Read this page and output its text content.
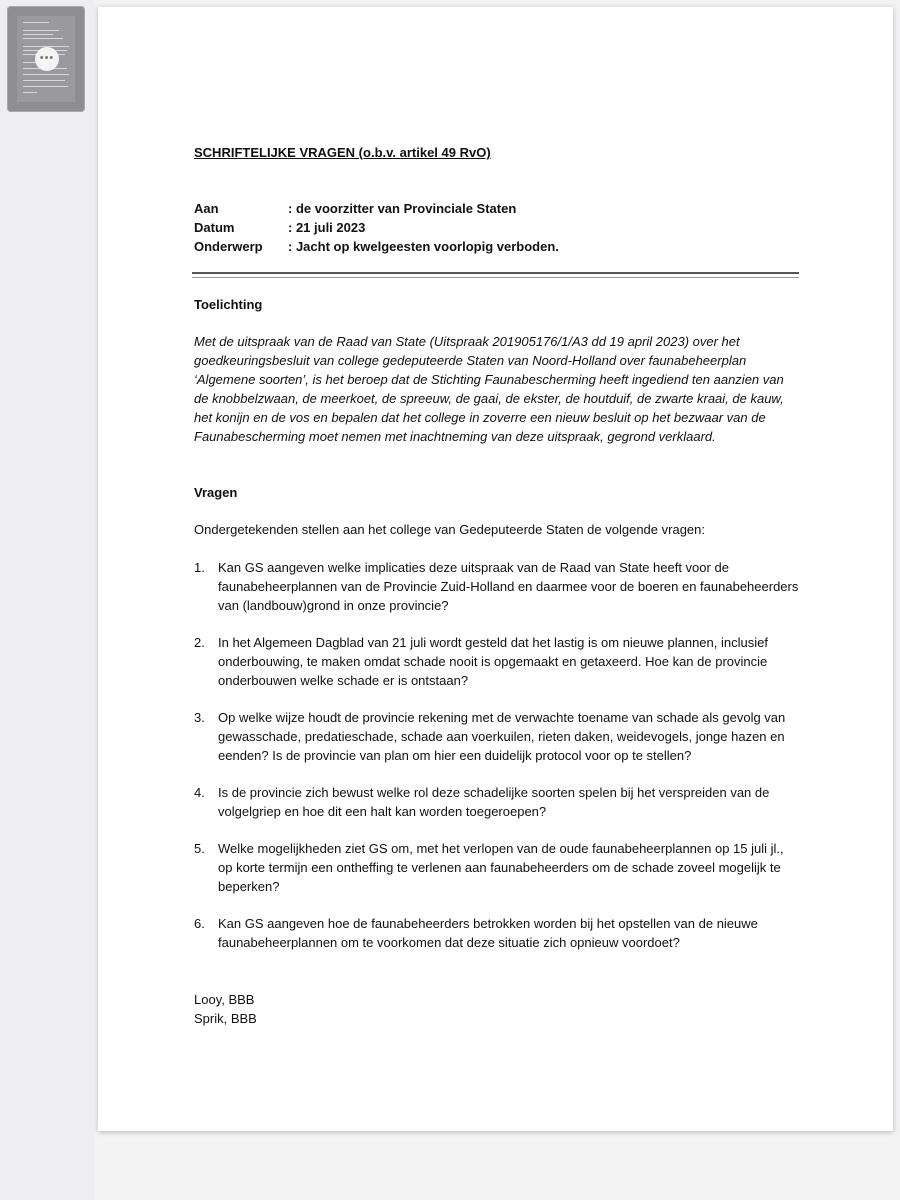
•••
SCHRIFTELIJKE VRAGEN (o.b.v. artikel 49 RvO)
Aan	: de voorzitter van Provinciale Staten
Datum	: 21 juli 2023
Onderwerp	: Jacht op kwelgeesten voorlopig verboden.
Toelichting
Met de uitspraak van de Raad van State (Uitspraak 201905176/1/A3 dd 19 april 2023) over het goedkeuringsbesluit van college gedeputeerde Staten van Noord-Holland over faunabeheerplan ‘Algemene soorten’, is het beroep dat de Stichting Faunabescherming heeft ingediend ten aanzien van de knobbelzwaan, de meerkoet, de spreeuw, de gaai, de ekster, de houtduif, de zwarte kraai, de kauw, het konijn en de vos en bepalen dat het college in zoverre een nieuw besluit op het bezwaar van de Faunabescherming moet nemen met inachtneming van deze uitspraak, gegrond verklaard.
Vragen
Ondergetekenden stellen aan het college van Gedeputeerde Staten de volgende vragen:
1. Kan GS aangeven welke implicaties deze uitspraak van de Raad van State heeft voor de faunabeheerplannen van de Provincie Zuid-Holland en daarmee voor de boeren en faunabeheerders van (landbouw)grond in onze provincie?
2. In het Algemeen Dagblad van 21 juli wordt gesteld dat het lastig is om nieuwe plannen, inclusief onderbouwing, te maken omdat schade nooit is opgemaakt en getaxeerd. Hoe kan de provincie onderbouwen welke schade er is ontstaan?
3. Op welke wijze houdt de provincie rekening met de verwachte toename van schade als gevolg van gewasschade, predatieschade, schade aan voerkuilen, rieten daken, weidevogels, jonge hazen en eenden? Is de provincie van plan om hier een duidelijk protocol voor op te stellen?
4. Is de provincie zich bewust welke rol deze schadelijke soorten spelen bij het verspreiden van de volgelgriep en hoe dit een halt kan worden toegeroepen?
5. Welke mogelijkheden ziet GS om, met het verlopen van de oude faunabeheerplannen op 15 juli jl., op korte termijn een ontheffing te verlenen aan faunabeheerders om de schade zoveel mogelijk te beperken?
6. Kan GS aangeven hoe de faunabeheerders betrokken worden bij het opstellen van de nieuwe faunabeheerplannen om te voorkomen dat deze situatie zich opnieuw voordoet?
Looy, BBB
Sprik, BBB
